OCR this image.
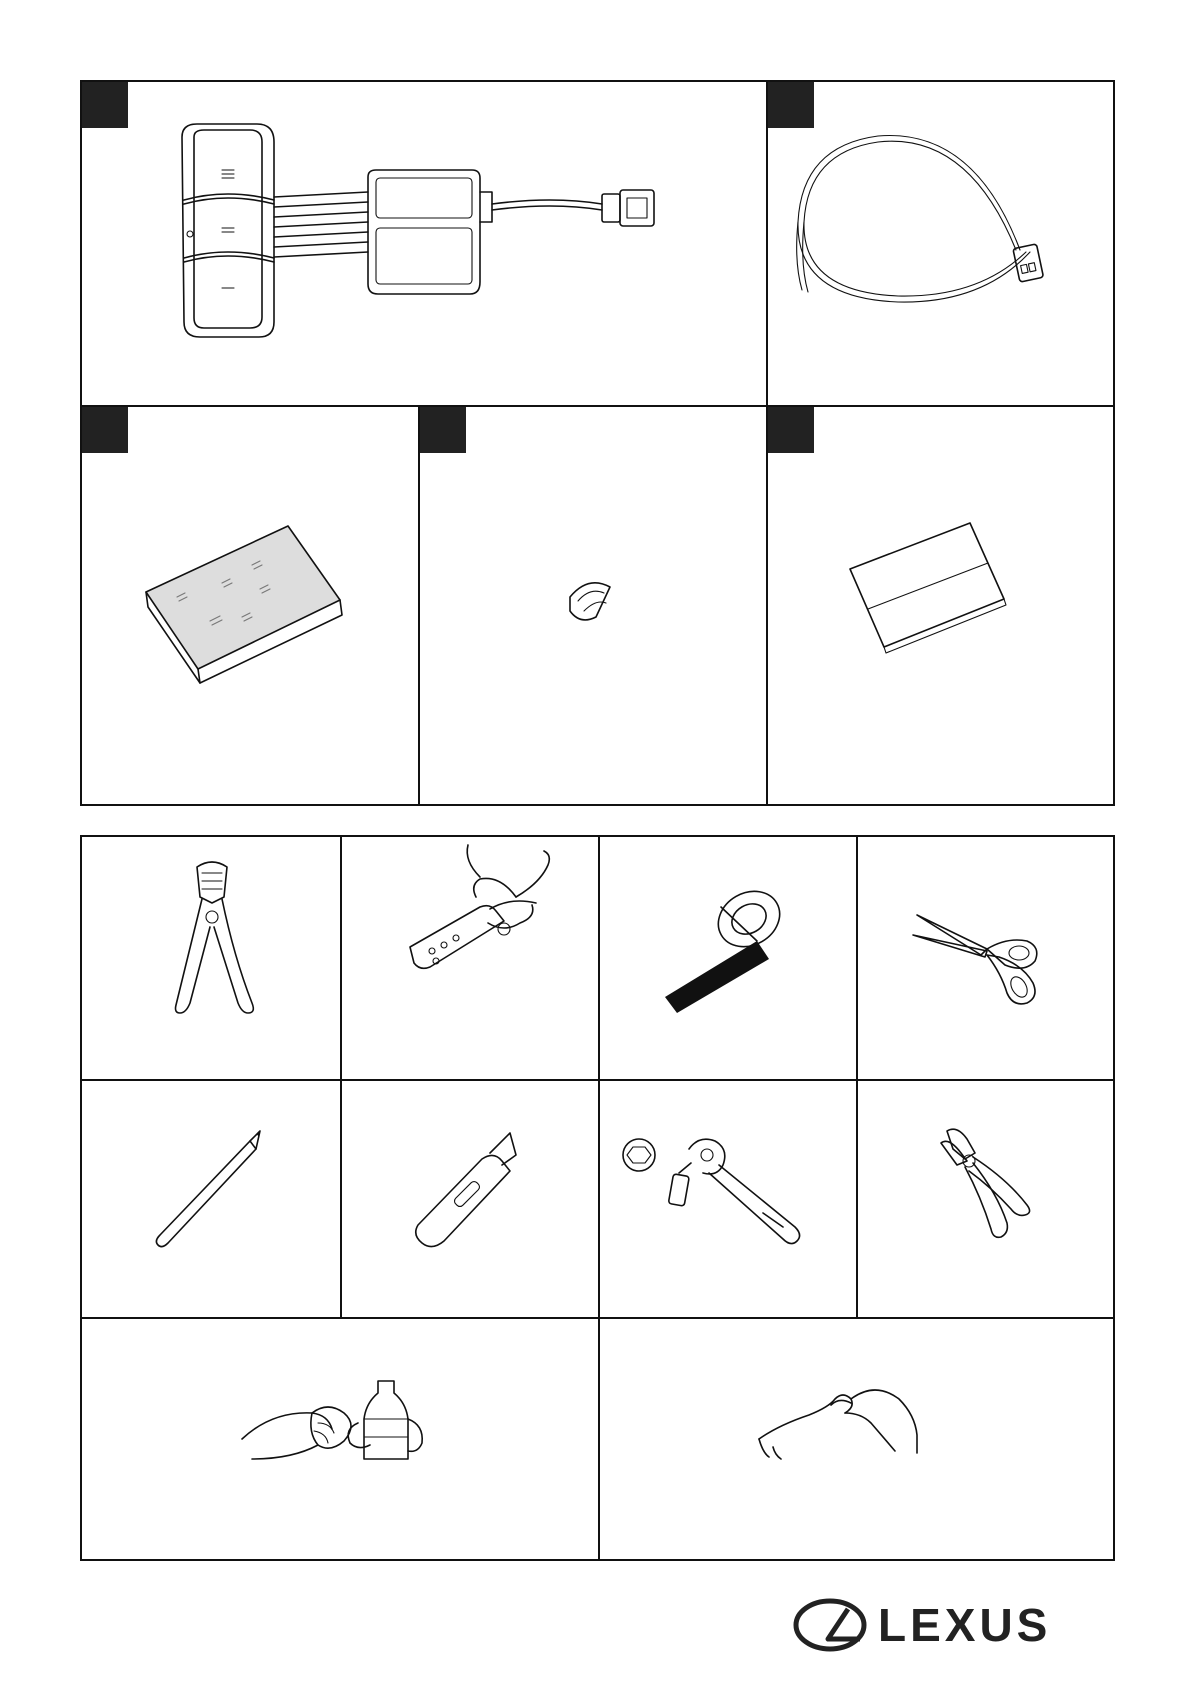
LEXUS
